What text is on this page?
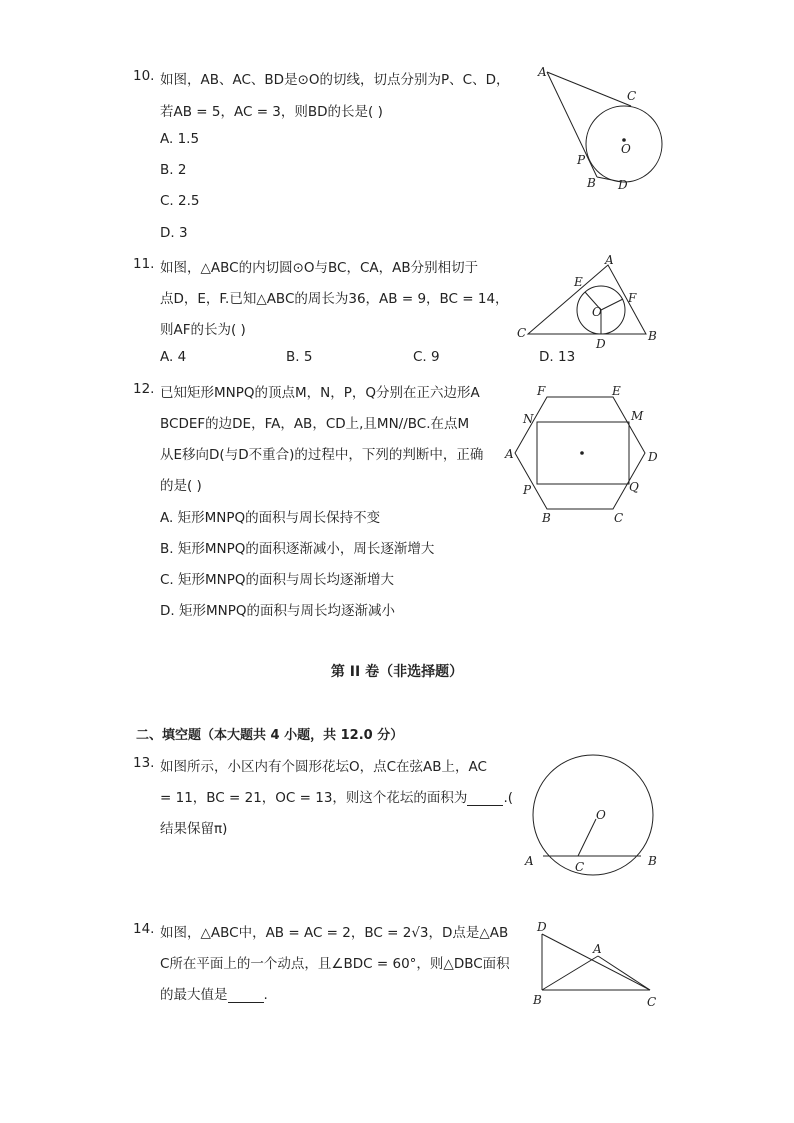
10. 如图，AB、AC、BD是⊙O的切线，切点分别为P、C、D，
若AB = 5，AC = 3，则BD的长是( )
A. 1.5
B. 2
C. 2.5
D. 3
A
C
O
P
B D
11. 如图，△ABC的内切圆⊙O与BC，CA，AB分别相切于
点D，E，F.已知△ABC的周长为36，AB = 9，BC = 14，
则AF的长为( )
A. 4	B. 5	C. 9	D. 13
A
E
F
O
C
D
B
12. 已知矩形MNPQ的顶点M，N，P，Q分别在正六边形A
BCDEF的边DE，FA，AB，CD上,且MN//BC.在点M
从E移向D(与D不重合)的过程中，下列的判断中，正确
的是( )
A. 矩形MNPQ的面积与周长保持不变
B. 矩形MNPQ的面积逐渐减小，周长逐渐增大
C. 矩形MNPQ的面积与周长均逐渐增大
D. 矩形MNPQ的面积与周长均逐渐减小
F	E
N	M
A	D
P	Q
B	C
第 II 卷（非选择题）
二、填空题（本大题共 4 小题，共 12.0 分）
13. 如图所示，小区内有个圆形花坛O，点C在弦AB上，AC
= 11，BC = 21，OC = 13，则这个花坛的面积为	.(
结果保留π)
O
A	C	B
14. 如图，△ABC中，AB = AC = 2，BC = 2√3，D点是△AB
C所在平面上的一个动点，且∠BDC = 60°，则△DBC面积
的最大值是	.
D
A
B	C
